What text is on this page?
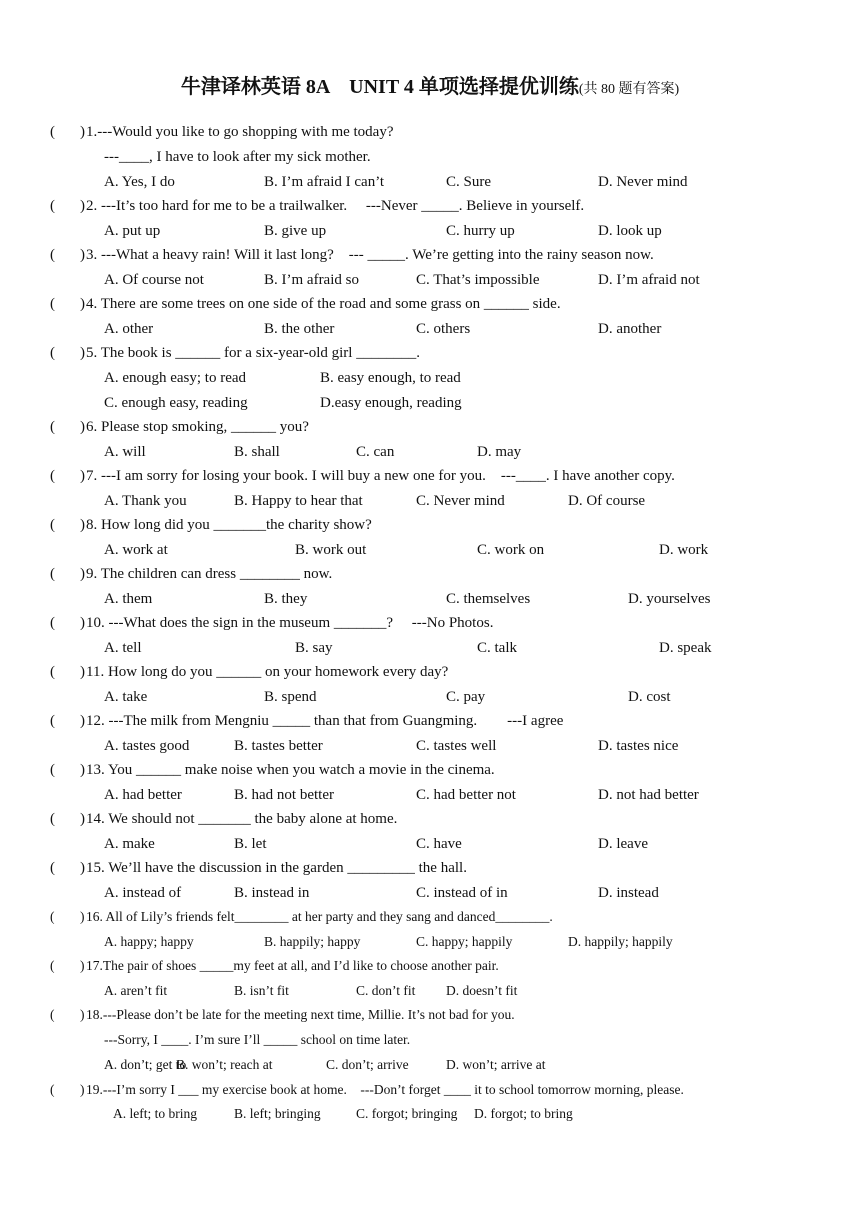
牛津译林英语 8A　UNIT 4 单项选择提优训练(共 80 题有答案)
( ) 1.---Would you like to go shopping with me today?
---____, I have to look after my sick mother.
A. Yes, I do	B. I’m afraid I can’t	C. Sure	D. Never mind
( ) 2. ---It’s too hard for me to be a trailwalker.　 ---Never _____. Believe in yourself.
A. put up	B. give up	C. hurry up	D. look up
( ) 3. ---What a heavy rain! Will it last long?　--- _____. We’re getting into the rainy season now.
A. Of course not	B. I’m afraid so	C. That’s impossible	D. I’m afraid not
( ) 4. There are some trees on one side of the road and some grass on ______ side.
A. other	B. the other	C. others	D. another
( ) 5. The book is ______ for a six-year-old girl ________.
A. enough easy; to read	B. easy enough, to read
C. enough easy, reading	D.easy enough, reading
( ) 6. Please stop smoking, ______ you?
A. will	B. shall	C. can	D. may
( ) 7. ---I am sorry for losing your book. I will buy a new one for you.　---____. I have another copy.
A. Thank you	B. Happy to hear that	C. Never mind	D. Of course
( ) 8. How long did you _______the charity show?
A. work at	B. work out	C. work on	D. work
( ) 9. The children can dress ________ now.
A. them	B. they	C. themselves	D. yourselves
( ) 10. ---What does the sign in the museum _______?　 ---No Photos.
A. tell	B. say	C. talk	D. speak
( ) 11. How long do you ______ on your homework every day?
A. take	B. spend	C. pay	D. cost
( ) 12. ---The milk from Mengniu _____ than that from Guangming.　　---I agree
A. tastes good	B. tastes better	C. tastes well	D. tastes nice
( ) 13. You ______ make noise when you watch a movie in the cinema.
A. had better	B. had not better	C. had better not	D. not had better
( ) 14. We should not _______ the baby alone at home.
A. make	B. let	C. have	D. leave
( ) 15. We’ll have the discussion in the garden _________ the hall.
A. instead of	B. instead in	C. instead of in	D. instead
( ) 16. All of Lily’s friends felt________ at her party and they sang and danced________.
A. happy; happy	B. happily; happy	C. happy; happily	D. happily; happily
( ) 17.The pair of shoes _____my feet at all, and I’d like to choose another pair.
A. aren’t fit	B. isn’t fit	C. don’t fit D. doesn’t fit
( ) 18.---Please don’t be late for the meeting next time, Millie. It’s not bad for you.
---Sorry, I ____. I’m sure I’ll _____ school on time later.
A. don’t; get to
B. won’t; reach at	C. don’t; arrive	D. won’t; arrive at
( ) 19.---I’m sorry I ___ my exercise book at home.　---Don’t forget ____ it to school tomorrow morning, please.
A. left; to bring	B. left; bringing	C. forgot; bringing D. forgot; to bring
